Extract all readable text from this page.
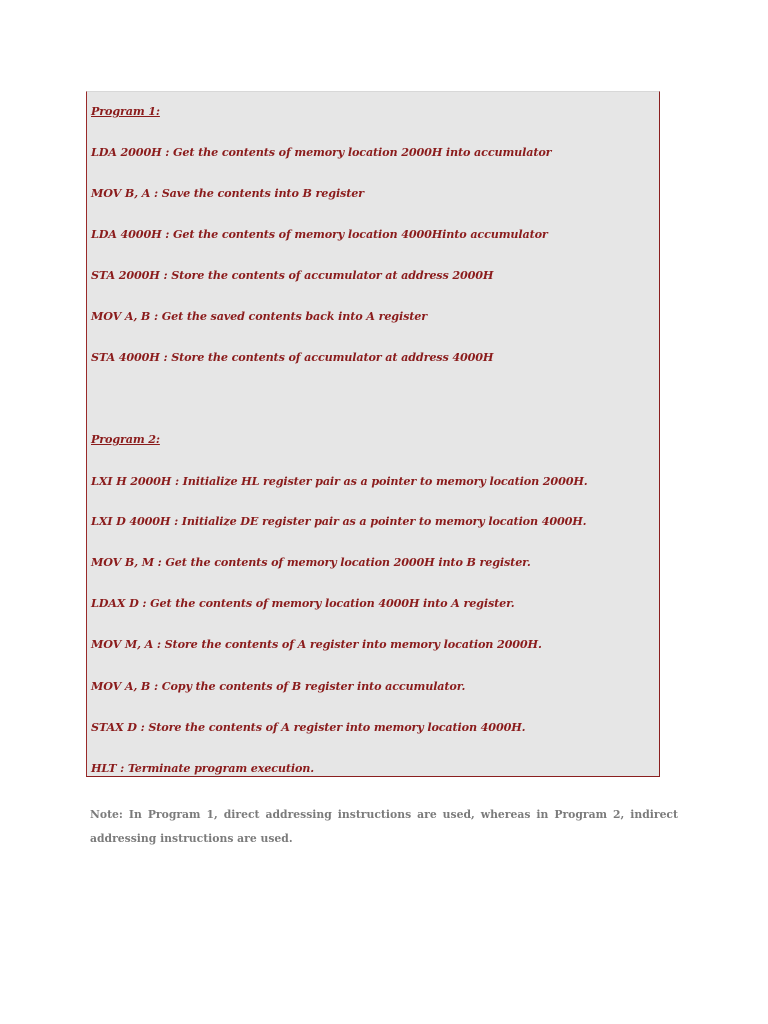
Program 1:
LDA 2000H : Get the contents of memory location 2000H into accumulator
MOV B, A : Save the contents into B register
LDA 4000H : Get the contents of memory location 4000Hinto accumulator
STA 2000H : Store the contents of accumulator at address 2000H
MOV A, B : Get the saved contents back into A register
STA 4000H : Store the contents of accumulator at address 4000H
Program 2:
LXI H 2000H : Initialize HL register pair as a pointer to memory location 2000H.
LXI D 4000H : Initialize DE register pair as a pointer to memory location 4000H.
MOV B, M : Get the contents of memory location 2000H into B register.
LDAX D : Get the contents of memory location 4000H into A register.
MOV M, A : Store the contents of A register into memory location 2000H.
MOV A, B : Copy the contents of B register into accumulator.
STAX D : Store the contents of A register into memory location 4000H.
HLT : Terminate program execution.
Note: In Program 1, direct addressing instructions are used, whereas in Program 2, indirect addressing instructions are used.
